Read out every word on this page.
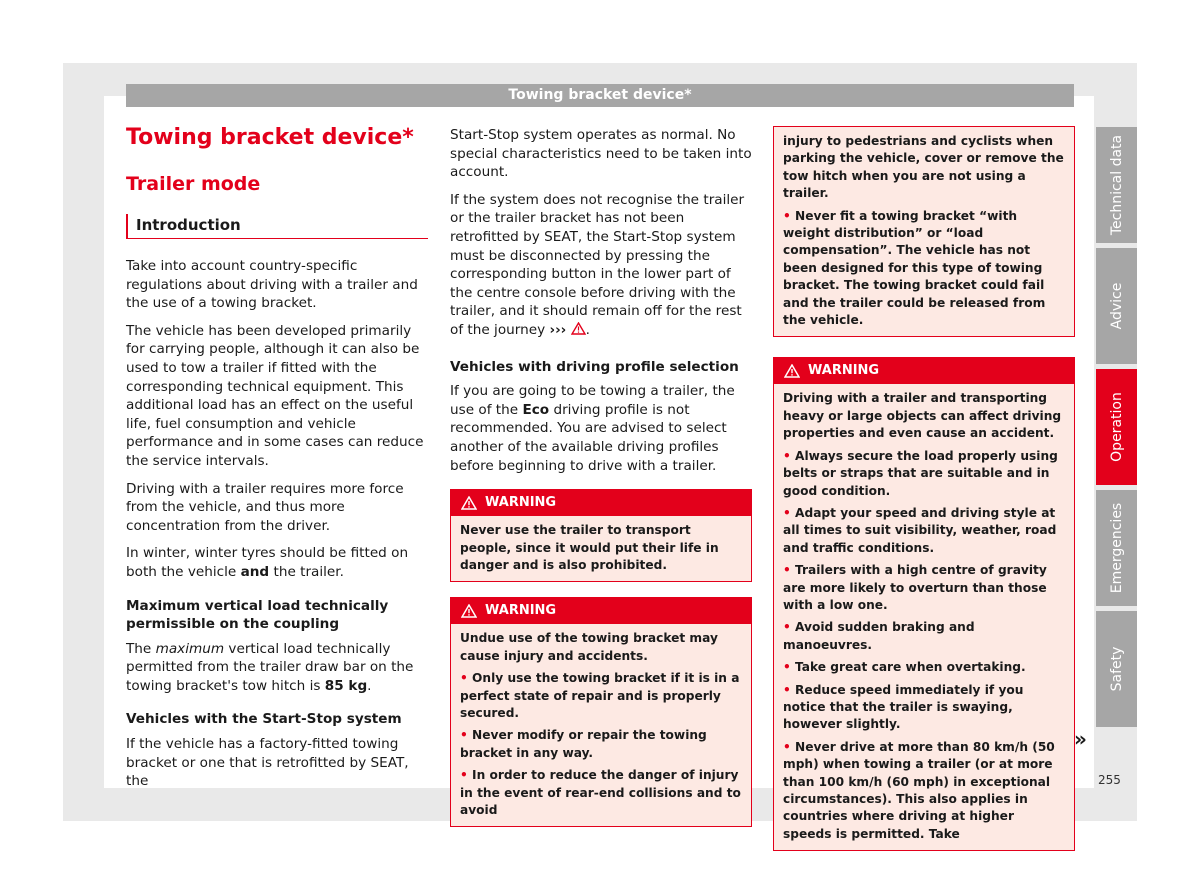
Towing bracket device*
Towing bracket device*
Trailer mode
Introduction
Take into account country-specific regulations about driving with a trailer and the use of a towing bracket.
The vehicle has been developed primarily for carrying people, although it can also be used to tow a trailer if fitted with the corresponding technical equipment. This additional load has an effect on the useful life, fuel consumption and vehicle performance and in some cases can reduce the service intervals.
Driving with a trailer requires more force from the vehicle, and thus more concentration from the driver.
In winter, winter tyres should be fitted on both the vehicle and the trailer.
Maximum vertical load technically permissible on the coupling
The maximum vertical load technically permitted from the trailer draw bar on the towing bracket's tow hitch is 85 kg.
Vehicles with the Start-Stop system
If the vehicle has a factory-fitted towing bracket or one that is retrofitted by SEAT, the
Start-Stop system operates as normal. No special characteristics need to be taken into account.
If the system does not recognise the trailer or the trailer bracket has not been retrofitted by SEAT, the Start-Stop system must be disconnected by pressing the corresponding button in the lower part of the centre console before driving with the trailer, and it should remain off for the rest of the journey ››› .
Vehicles with driving profile selection
If you are going to be towing a trailer, the use of the Eco driving profile is not recommended. You are advised to select another of the available driving profiles before beginning to drive with a trailer.
WARNING
Never use the trailer to transport people, since it would put their life in danger and is also prohibited.
WARNING
Undue use of the towing bracket may cause injury and accidents.
• Only use the towing bracket if it is in a perfect state of repair and is properly secured.
• Never modify or repair the towing bracket in any way.
• In order to reduce the danger of injury in the event of rear-end collisions and to avoid
injury to pedestrians and cyclists when parking the vehicle, cover or remove the tow hitch when you are not using a trailer.
• Never fit a towing bracket “with weight distribution” or “load compensation”. The vehicle has not been designed for this type of towing bracket. The towing bracket could fail and the trailer could be released from the vehicle.
WARNING
Driving with a trailer and transporting heavy or large objects can affect driving properties and even cause an accident.
• Always secure the load properly using belts or straps that are suitable and in good condition.
• Adapt your speed and driving style at all times to suit visibility, weather, road and traffic conditions.
• Trailers with a high centre of gravity are more likely to overturn than those with a low one.
• Avoid sudden braking and manoeuvres.
• Take great care when overtaking.
• Reduce speed immediately if you notice that the trailer is swaying, however slightly.
• Never drive at more than 80 km/h (50 mph) when towing a trailer (or at more than 100 km/h (60 mph) in exceptional circumstances). This also applies in countries where driving at higher speeds is permitted. Take
Technical data
Advice
Operation
Emergencies
Safety
»
255
